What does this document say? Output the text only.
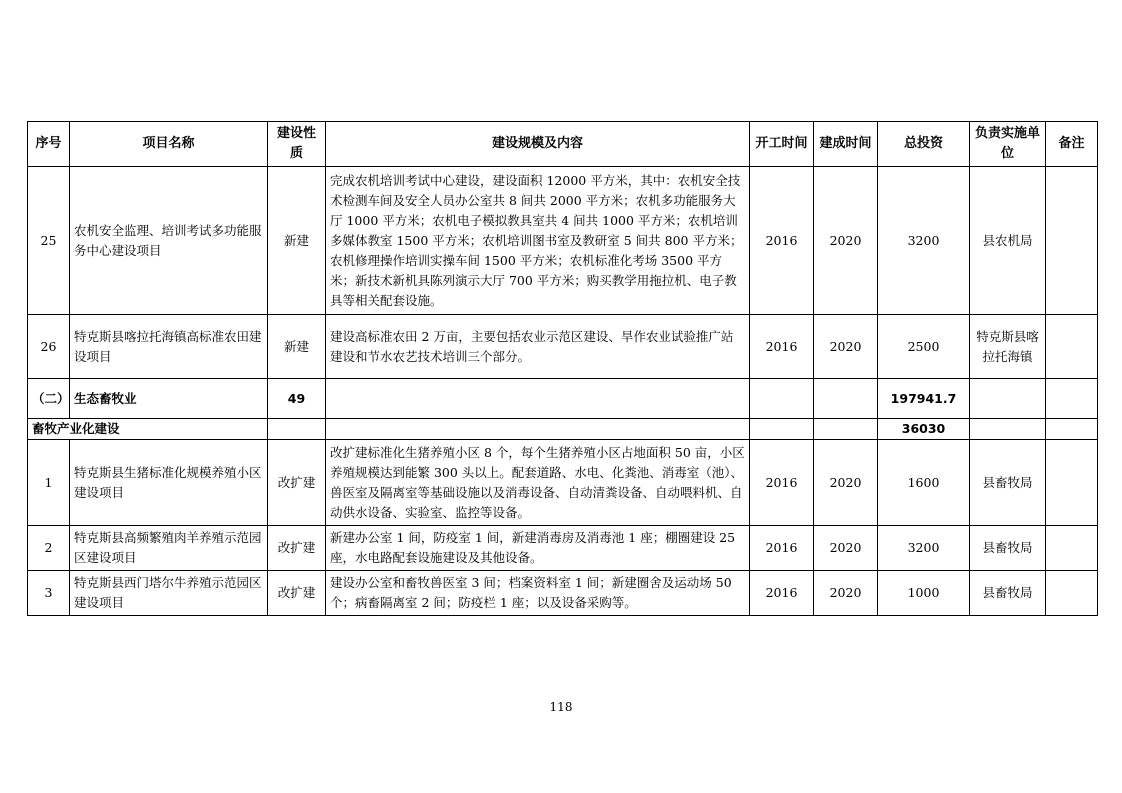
序号	项目名称	建设性质	建设规模及内容	开工时间	建成时间	总投资	负责实施单位	备注
25	农机安全监理、培训考试多功能服务中心建设项目	新建	完成农机培训考试中心建设，建设面积 12000 平方米，其中：农机安全技术检测车间及安全人员办公室共 8 间共 2000 平方米；农机多功能服务大厅 1000 平方米；农机电子模拟教具室共 4 间共 1000 平方米；农机培训多媒体教室 1500 平方米；农机培训图书室及教研室 5 间共 800 平方米；农机修理操作培训实操车间 1500 平方米；农机标准化考场 3500 平方米；新技术新机具陈列演示大厅 700 平方米；购买教学用拖拉机、电子教具等相关配套设施。	2016	2020	3200	县农机局	
26	特克斯县喀拉托海镇高标准农田建设项目	新建	建设高标准农田 2 万亩，主要包括农业示范区建设、旱作农业试验推广站建设和节水农艺技术培训三个部分。	2016	2020	2500	特克斯县喀拉托海镇	
（二）	生态畜牧业	49				197941.7		
畜牧产业化建设						36030		
1	特克斯县生猪标准化规模养殖小区建设项目	改扩建	改扩建标准化生猪养殖小区 8 个，每个生猪养殖小区占地面积 50 亩，小区养殖规模达到能繁 300 头以上。配套道路、水电、化粪池、消毒室（池）、兽医室及隔离室等基础设施以及消毒设备、自动清粪设备、自动喂料机、自动供水设备、实验室、监控等设备。	2016	2020	1600	县畜牧局	
2	特克斯县高频繁殖肉羊养殖示范园区建设项目	改扩建	新建办公室 1 间，防疫室 1 间，新建消毒房及消毒池 1 座；棚圈建设 25 座，水电路配套设施建设及其他设备。	2016	2020	3200	县畜牧局	
3	特克斯县西门塔尔牛养殖示范园区建设项目	改扩建	建设办公室和畜牧兽医室 3 间；档案资料室 1 间；新建圈舍及运动场 50 个；病畜隔离室 2 间；防疫栏 1 座；以及设备采购等。	2016	2020	1000	县畜牧局	
118
